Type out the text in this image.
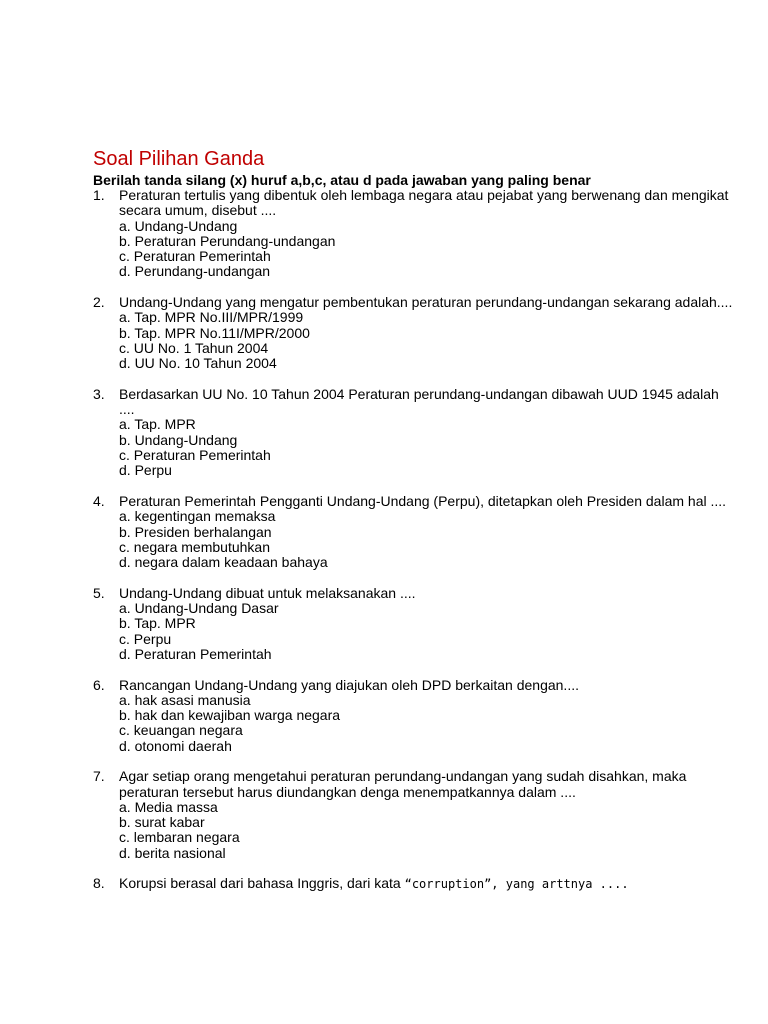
Soal Pilihan Ganda

Berilah tanda silang (x) huruf a,b,c, atau d pada jawaban yang paling benar

1.	Peraturan tertulis yang dibentuk oleh lembaga negara atau pejabat yang berwenang dan mengikat secara umum, disebut ....
a. Undang-Undang
b. Peraturan Perundang-undangan
c. Peraturan Pemerintah
d. Perundang-undangan
2.	Undang-Undang yang mengatur pembentukan peraturan perundang-undangan sekarang adalah....
a. Tap. MPR No.III/MPR/1999
b. Tap. MPR No.11I/MPR/2000
c. UU No. 1 Tahun 2004
d. UU No. 10 Tahun 2004
3.	Berdasarkan UU No. 10 Tahun 2004 Peraturan perundang-undangan dibawah UUD 1945 adalah ....
a. Tap. MPR
b. Undang-Undang
c. Peraturan Pemerintah
d. Perpu
4.	Peraturan Pemerintah Pengganti Undang-Undang (Perpu), ditetapkan oleh Presiden dalam hal ....
a. kegentingan memaksa
b. Presiden berhalangan
c. negara membutuhkan
d. negara dalam keadaan bahaya
5.	Undang-Undang dibuat untuk melaksanakan ....
a. Undang-Undang Dasar
b. Tap. MPR
c. Perpu
d. Peraturan Pemerintah
6.	Rancangan Undang-Undang yang diajukan oleh DPD berkaitan dengan....
a. hak asasi manusia
b. hak dan kewajiban warga negara
c. keuangan negara
d. otonomi daerah
7.	Agar setiap orang mengetahui peraturan perundang-undangan yang sudah disahkan, maka peraturan tersebut harus diundangkan denga menempatkannya dalam ....
a. Media massa
b. surat kabar
c. lembaran negara
d. berita nasional
8.	Korupsi berasal dari bahasa Inggris, dari kata “corruption”, yang arttnya ....
